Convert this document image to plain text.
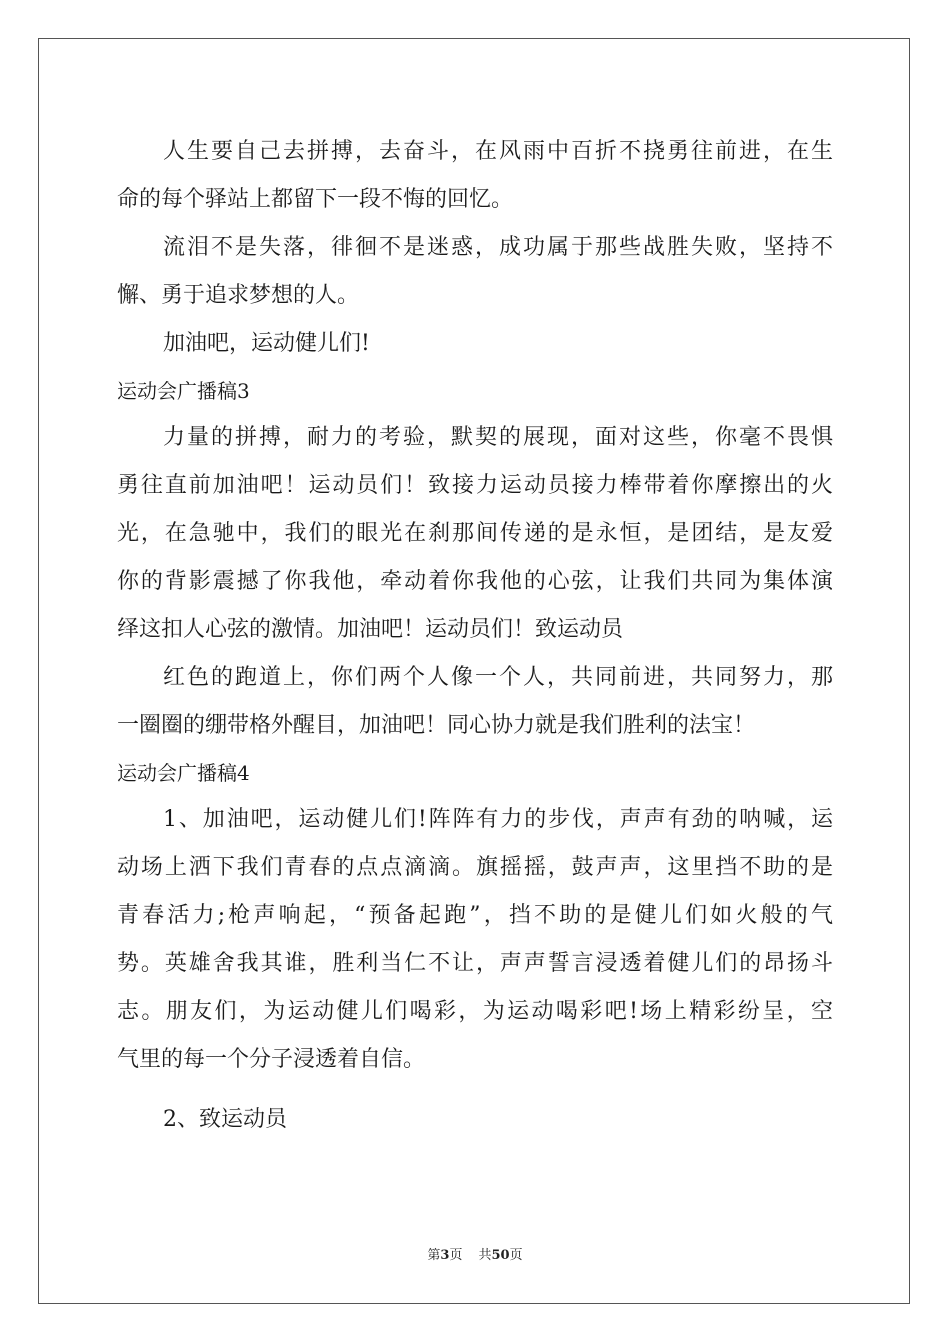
人生要自己去拼搏，去奋斗，在风雨中百折不挠勇往前进，在生
命的每个驿站上都留下一段不悔的回忆。
流泪不是失落，徘徊不是迷惑，成功属于那些战胜失败，坚持不
懈、勇于追求梦想的人。
加油吧，运动健儿们!
运动会广播稿3
力量的拼搏，耐力的考验，默契的展现，面对这些，你毫不畏惧
勇往直前加油吧！运动员们！致接力运动员接力棒带着你摩擦出的火
光，在急驰中，我们的眼光在刹那间传递的是永恒，是团结，是友爱
你的背影震撼了你我他，牵动着你我他的心弦，让我们共同为集体演
绎这扣人心弦的激情。加油吧！运动员们！致运动员
红色的跑道上，你们两个人像一个人，共同前进，共同努力，那
一圈圈的绷带格外醒目，加油吧！同心协力就是我们胜利的法宝！
运动会广播稿4
1、加油吧，运动健儿们!阵阵有力的步伐，声声有劲的呐喊，运
动场上洒下我们青春的点点滴滴。旗摇摇，鼓声声，这里挡不助的是
青春活力;枪声响起，“预备起跑”，挡不助的是健儿们如火般的气
势。英雄舍我其谁，胜利当仁不让，声声誓言浸透着健儿们的昂扬斗
志。朋友们，为运动健儿们喝彩，为运动喝彩吧!场上精彩纷呈，空
气里的每一个分子浸透着自信。
2、致运动员
第3页 共50页
